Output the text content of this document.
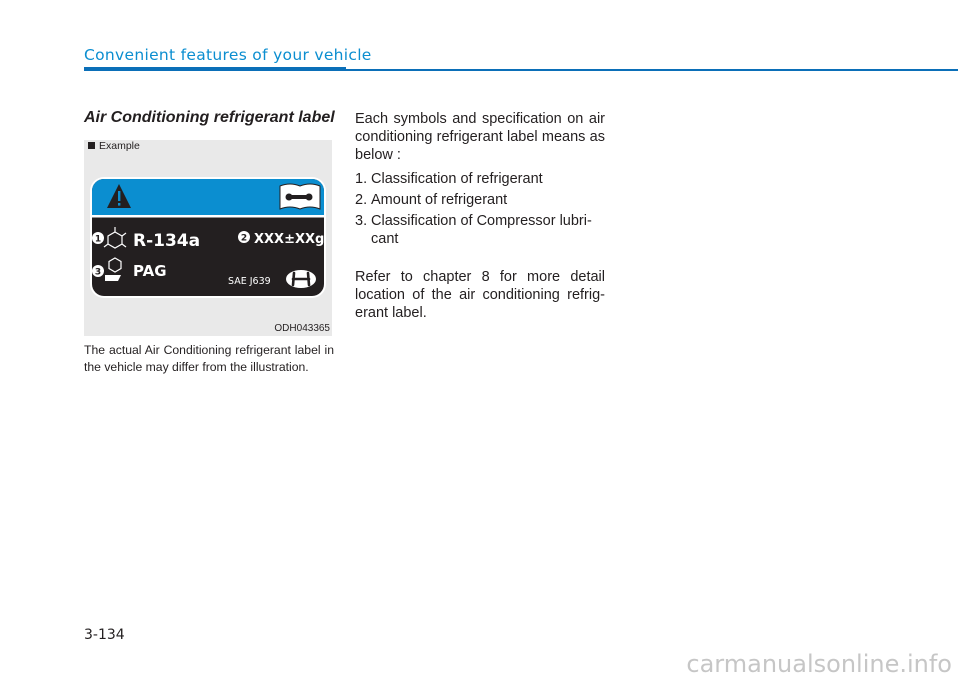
Convenient features of your vehicle
Air Conditioning refrigerant label
Example
1 R-134a	2 XXX±XXg
3 PAG
SAE J639
ODH043365
The actual Air Conditioning refrigerant label in the vehicle may differ from the illustration.

Each symbols and specification on air conditioning refrigerant label means as below :

1. Classification of refrigerant
2. Amount of refrigerant
3. Classification of Compressor lubri-cant

Refer to chapter 8 for more detail location of the air conditioning refrig-erant label.

3-134
carmanualsonline.info
